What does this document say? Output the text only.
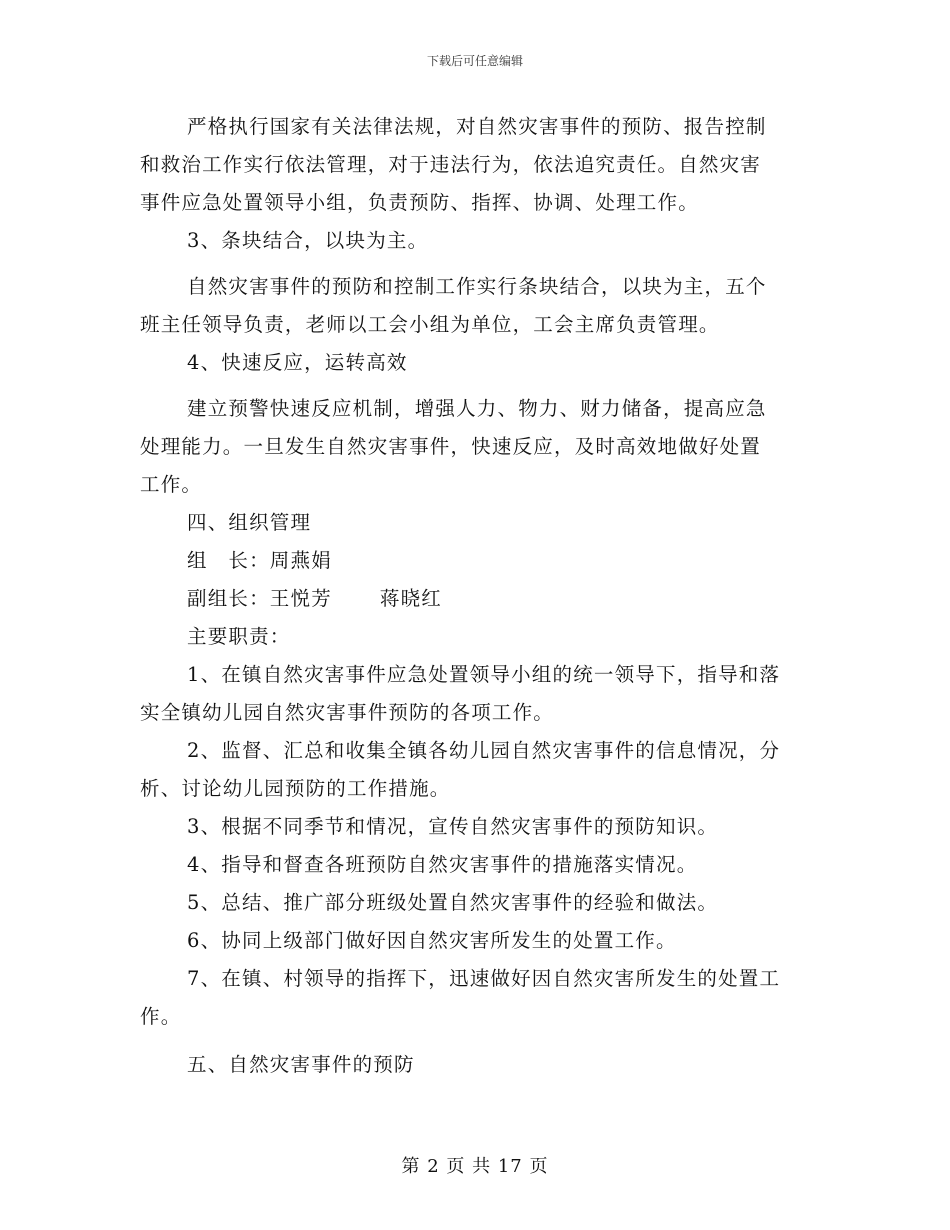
下载后可任意编辑
严格执行国家有关法律法规，对自然灾害事件的预防、报告控制
和救治工作实行依法管理，对于违法行为，依法追究责任。自然灾害
事件应急处置领导小组，负责预防、指挥、协调、处理工作。
3、条块结合，以块为主。
自然灾害事件的预防和控制工作实行条块结合，以块为主，五个
班主任领导负责，老师以工会小组为单位，工会主席负责管理。
4、快速反应，运转高效
建立预警快速反应机制，增强人力、物力、财力储备，提高应急
处理能力。一旦发生自然灾害事件，快速反应，及时高效地做好处置
工作。
四、组织管理
组　长：周燕娟
副组长：王悦芳 蒋晓红
主要职责：
1、在镇自然灾害事件应急处置领导小组的统一领导下，指导和落
实全镇幼儿园自然灾害事件预防的各项工作。
2、监督、汇总和收集全镇各幼儿园自然灾害事件的信息情况，分
析、讨论幼儿园预防的工作措施。
3、根据不同季节和情况，宣传自然灾害事件的预防知识。
4、指导和督查各班预防自然灾害事件的措施落实情况。
5、总结、推广部分班级处置自然灾害事件的经验和做法。
6、协同上级部门做好因自然灾害所发生的处置工作。
7、在镇、村领导的指挥下，迅速做好因自然灾害所发生的处置工
作。
五、自然灾害事件的预防
第 2 页 共 17 页
